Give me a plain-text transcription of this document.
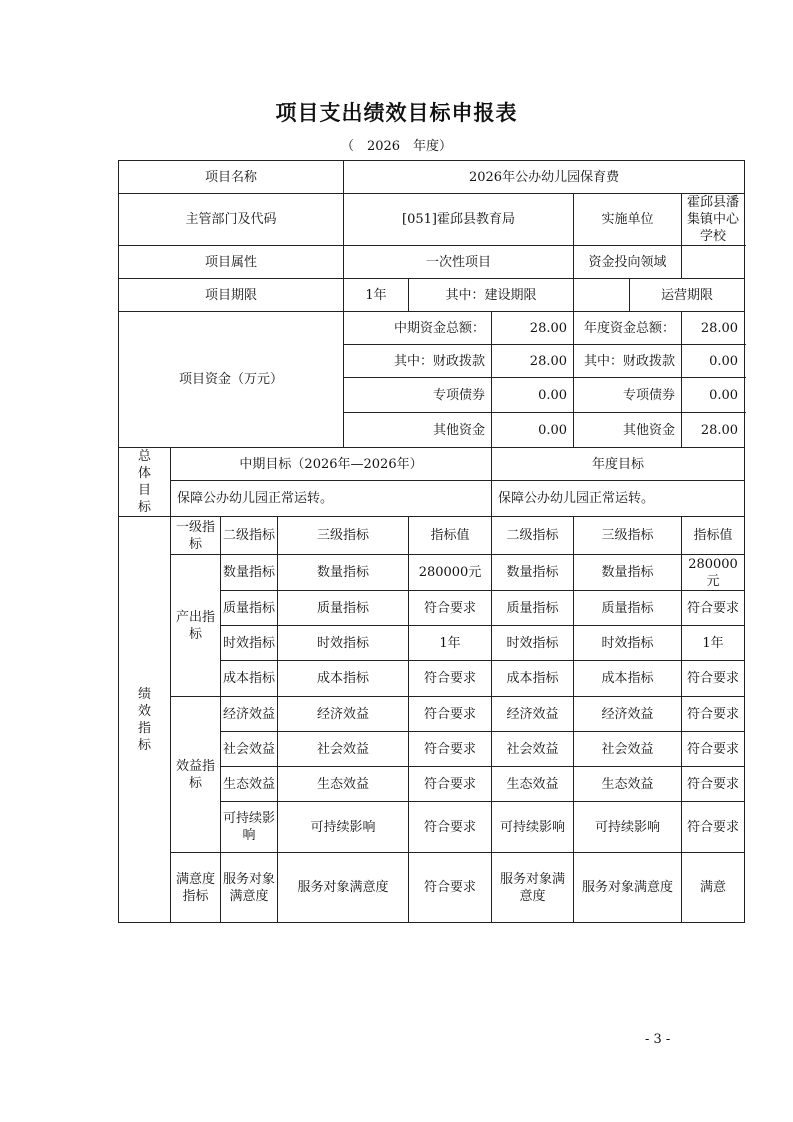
项目支出绩效目标申报表
（　2026　年度）
项目名称				2026年公办幼儿园保育费						
主管部门及代码				[051]霍邱县教育局			实施单位		霍邱县潘集镇中心学校	
项目属性				一次性项目			资金投向领域			
项目期限				1年	其中：建设期限			运营期限		
项目资金（万元）				中期资金总额：		28.00	年度资金总额：		28.00	
				其中：财政拨款		28.00	其中：财政拨款		0.00	
				专项债券		0.00	专项债券		0.00	
				其他资金		0.00	其他资金		28.00	
总体目标	中期目标（2026年—2026年）					年度目标				
	保障公办幼儿园正常运转。					保障公办幼儿园正常运转。				
绩效指标	一级指标	二级指标	三级指标		指标值	二级指标	三级指标		指标值	
	产出指标	数量指标	数量指标		280000元	数量指标	数量指标		280000元	
		质量指标	质量指标		符合要求	质量指标	质量指标		符合要求	
		时效指标	时效指标		1年	时效指标	时效指标		1年	
		成本指标	成本指标		符合要求	成本指标	成本指标		符合要求	
	效益指标	经济效益	经济效益		符合要求	经济效益	经济效益		符合要求	
		社会效益	社会效益		符合要求	社会效益	社会效益		符合要求	
		生态效益	生态效益		符合要求	生态效益	生态效益		符合要求	
		可持续影响	可持续影响		符合要求	可持续影响	可持续影响		符合要求	
	满意度指标	服务对象满意度	服务对象满意度		符合要求	服务对象满意度	服务对象满意度		满意	
- 3 -
